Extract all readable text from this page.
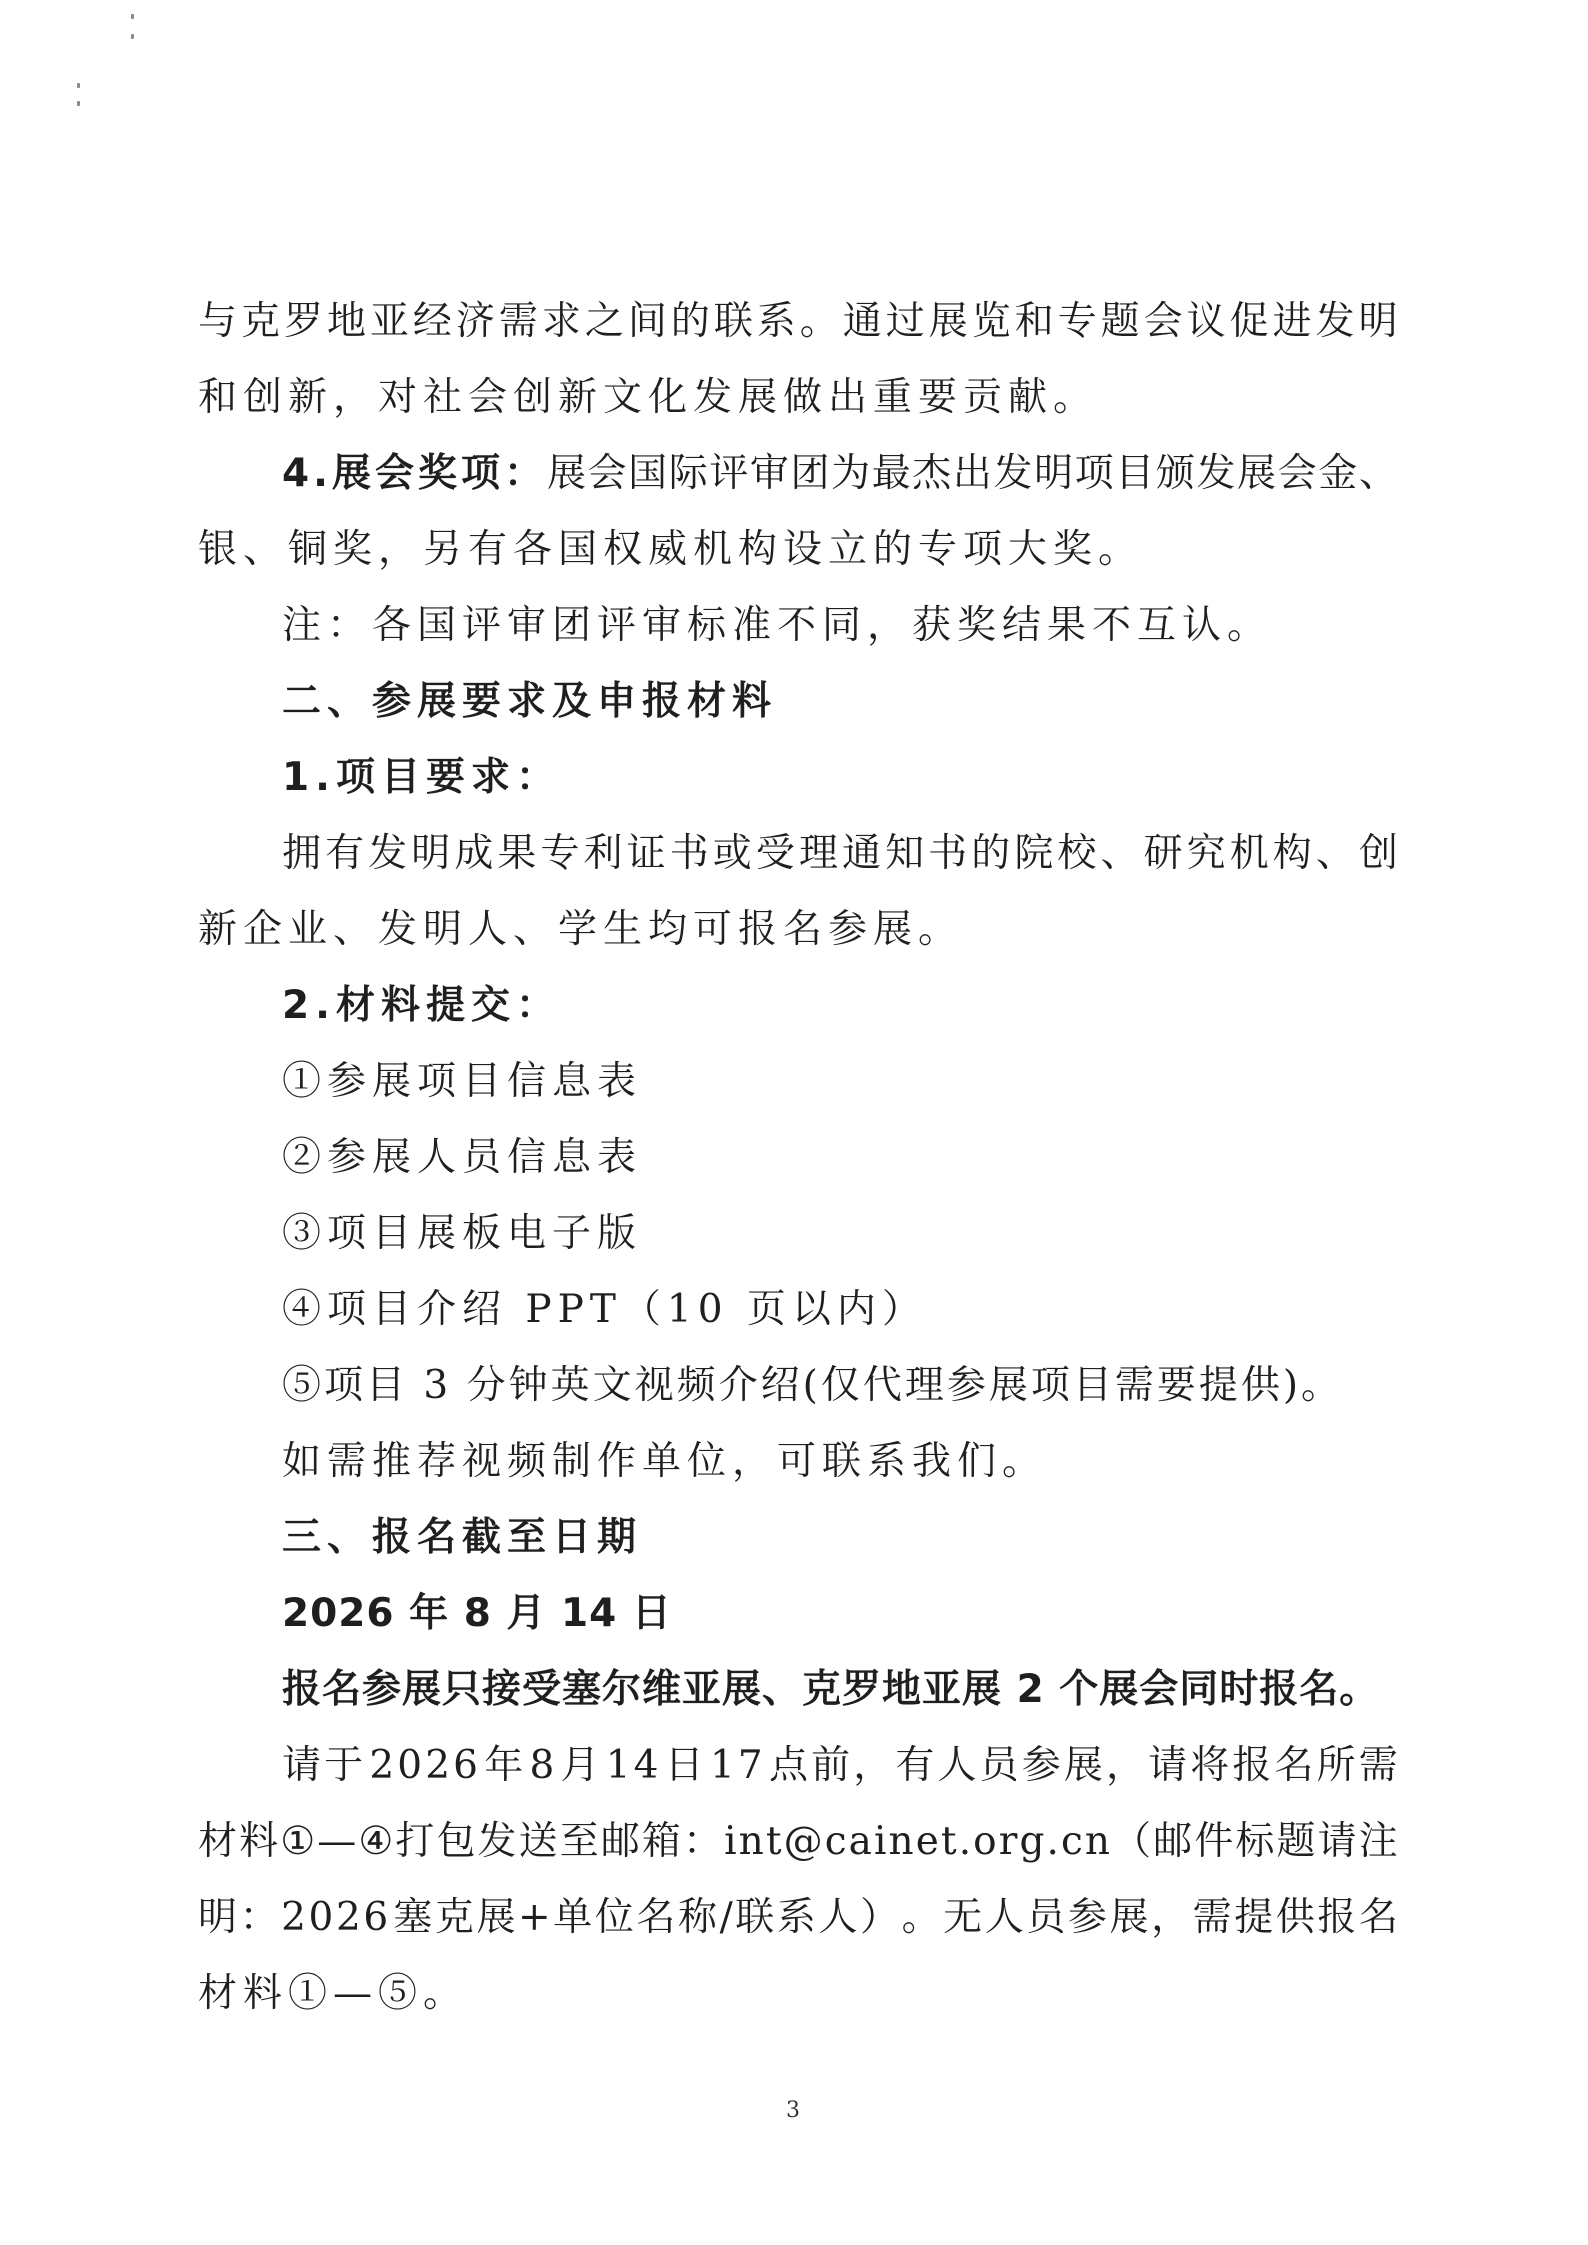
与 克 罗 地 亚 经 济 需 求 之 间 的 联 系 。 通 过 展 览 和 专 题 会 议 促 进 发 明
和创新，对社会创新文化发展做出重要贡献。
4.展会奖项： 展 会 国 际 评 审 团 为 最 杰 出 发 明 项 目 颁 发 展 会 金 、
银、铜奖，另有各国权威机构设立的专项大奖。
注：各国评审团评审标准不同，获奖结果不互认。
二、参展要求及申报材料
1.项目要求：
拥 有 发 明 成 果 专 利 证 书 或 受 理 通 知 书 的 院 校 、 研 究 机 构 、 创
新企业、发明人、学生均可报名参展。
2.材料提交：
①参展项目信息表
②参展人员信息表
③项目展板电子版
④项目介绍 PPT（10 页以内）
⑤项目 3 分钟英文视频介绍(仅代理参展项目需要提供)。
如需推荐视频制作单位，可联系我们。
三、报名截至日期
2026 年 8 月 14 日
报名参展只接受塞尔维亚展、克罗地亚展 2 个展会同时报名。
请 于 2 0 2 6 年 8 月 1 4 日 1 7 点 前 ， 有 人 员 参 展 ， 请 将 报 名 所 需
材 料 ① — ④ 打 包 发 送 至 邮 箱 ： i n t @ c a i n e t . o r g . c n （ 邮 件 标 题 请 注
明 ： 2 0 2 6 塞 克 展 + 单 位 名 称 / 联 系 人 ） 。 无 人 员 参 展 ， 需 提 供 报 名
材料①—⑤。
3
